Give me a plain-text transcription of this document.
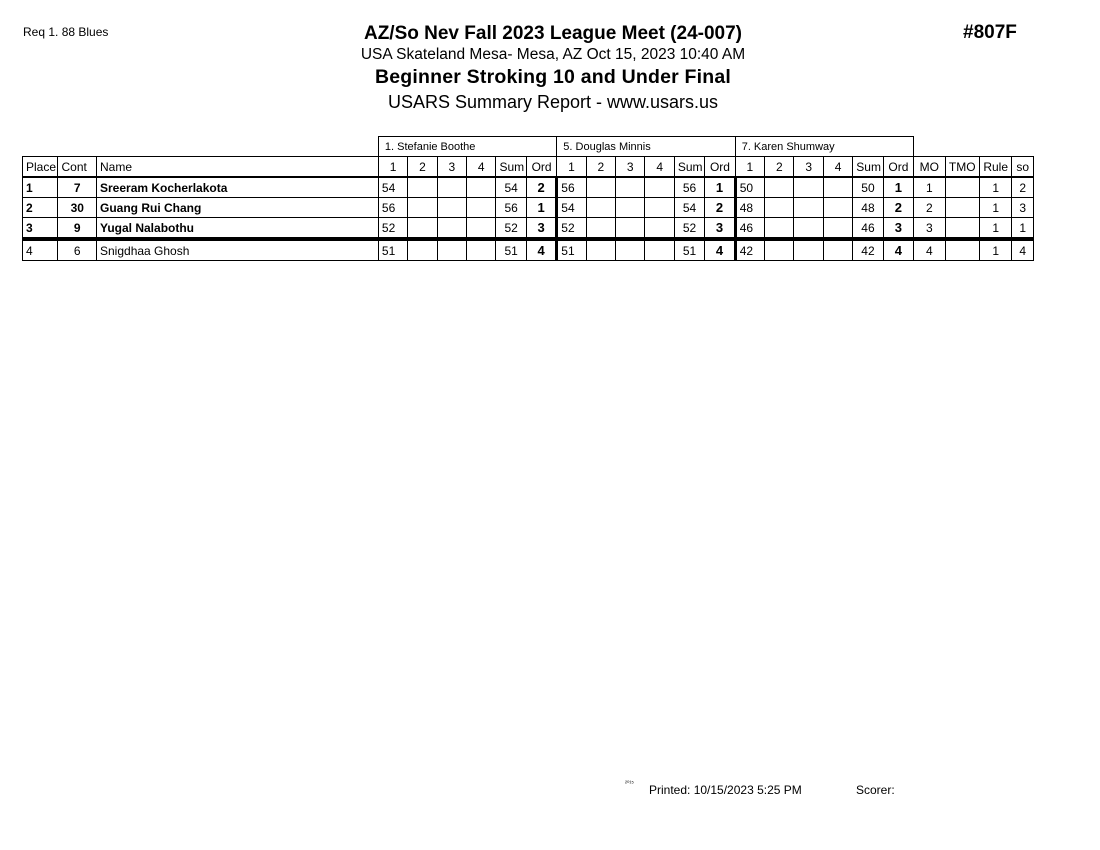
Req 1. 88 Blues	#807F
AZ/So Nev Fall 2023 League Meet (24-007)
USA Skateland Mesa- Mesa, AZ Oct 15, 2023 10:40 AM
Beginner Stroking 10 and Under Final
USARS Summary Report - www.usars.us
			1. Stefanie Boothe						5. Douglas Minnis						7. Karen Shumway									
Place	Cont	Name	1	2	3	4	Sum	Ord	1	2	3	4	Sum	Ord	1	2	3	4	Sum	Ord	MO	TMO	Rule	so
1	7	Sreeram Kocherlakota	54				54	2	56				56	1	50				50	1	1		1	2
2	30	Guang Rui Chang	56				56	1	54				54	2	48				48	2	2		1	3
3	9	Yugal Nalabothu	52				52	3	52				52	3	46				46	3	3		1	1
4	6	Snigdhaa Ghosh	51				51	4	51				51	4	42				42	4	4		1	4
²⁰¹⁵ Printed: 10/15/2023 5:25 PM	Scorer:
